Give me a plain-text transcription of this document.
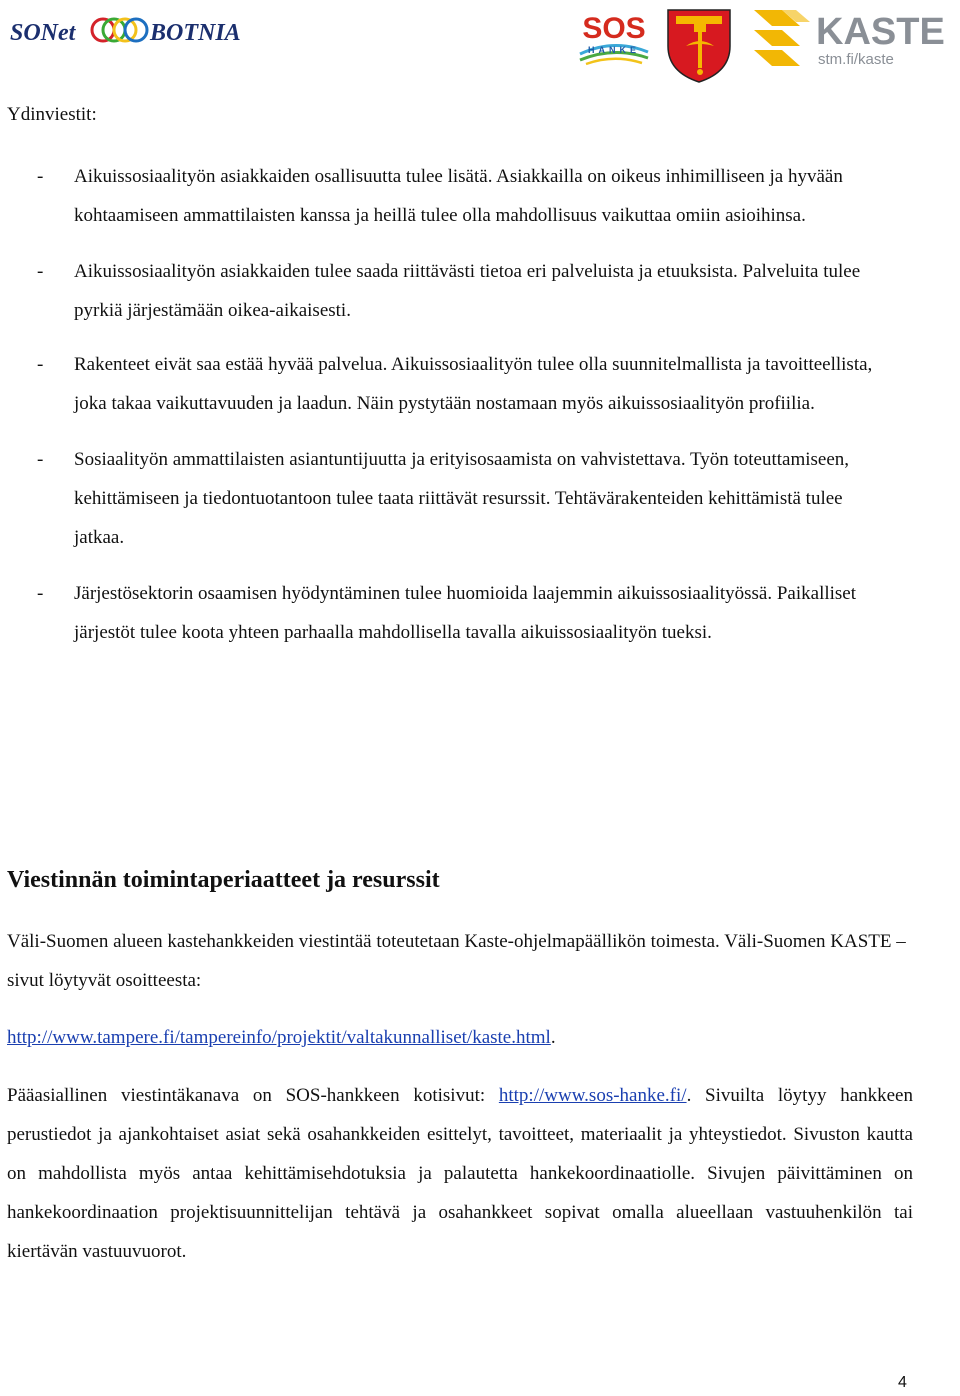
SONet	BOTNIA	SOS
HANKE	KASTE
stm.fi/kaste

Ydinviestit:

- Aikuissosiaalityön asiakkaiden osallisuutta tulee lisätä. Asiakkailla on oikeus inhimilliseen ja hyvään kohtaamiseen ammattilaisten kanssa ja heillä tulee olla mahdollisuus vaikuttaa omiin asioihinsa.
- Aikuissosiaalityön asiakkaiden tulee saada riittävästi tietoa eri palveluista ja etuuksista. Palveluita tulee pyrkiä järjestämään oikea-aikaisesti.
- Rakenteet eivät saa estää hyvää palvelua. Aikuissosiaalityön tulee olla suunnitelmallista ja tavoitteellista, joka takaa vaikuttavuuden ja laadun. Näin pystytään nostamaan myös aikuissosiaalityön profiilia.
- Sosiaalityön ammattilaisten asiantuntijuutta ja erityisosaamista on vahvistettava. Työn toteuttamiseen, kehittämiseen ja tiedontuotantoon tulee taata riittävät resurssit. Tehtävärakenteiden kehittämistä tulee jatkaa.
- Järjestösektorin osaamisen hyödyntäminen tulee huomioida laajemmin aikuissosiaalityössä. Paikalliset järjestöt tulee koota yhteen parhaalla mahdollisella tavalla aikuissosiaalityön tueksi.
Viestinnän toimintaperiaatteet ja resurssit

Väli-Suomen alueen kastehankkeiden viestintää toteutetaan Kaste-ohjelmapäällikön toimesta. Väli-Suomen KASTE –sivut löytyvät osoitteesta:

http://www.tampere.fi/tampereinfo/projektit/valtakunnalliset/kaste.html.

Pääasiallinen viestintäkanava on SOS-hankkeen kotisivut: http://www.sos-hanke.fi/. Sivuilta löytyy hankkeen perustiedot ja ajankohtaiset asiat sekä osahankkeiden esittelyt, tavoitteet, materiaalit ja yhteystiedot. Sivuston kautta on mahdollista myös antaa kehittämisehdotuksia ja palautetta hankekoordinaatiolle. Sivujen päivittäminen on hankekoordinaation projektisuunnittelijan tehtävä ja osahankkeet sopivat omalla alueellaan vastuuhenkilön tai kiertävän vastuuvuorot.

4
